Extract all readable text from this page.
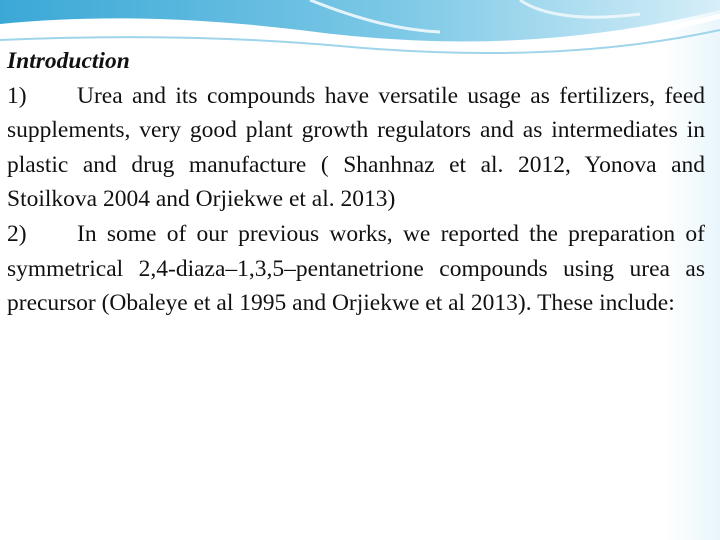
Introduction
1) Urea and its compounds have versatile usage as fertilizers, feed supplements, very good plant growth regulators and as intermediates in plastic and drug manufacture ( Shanhnaz et al. 2012, Yonova and Stoilkova 2004 and Orjiekwe et al. 2013)
2) In some of our previous works, we reported the preparation of symmetrical 2,4-diaza–1,3,5–pentanetrione compounds using urea as precursor (Obaleye et al 1995 and Orjiekwe et al 2013). These include:
